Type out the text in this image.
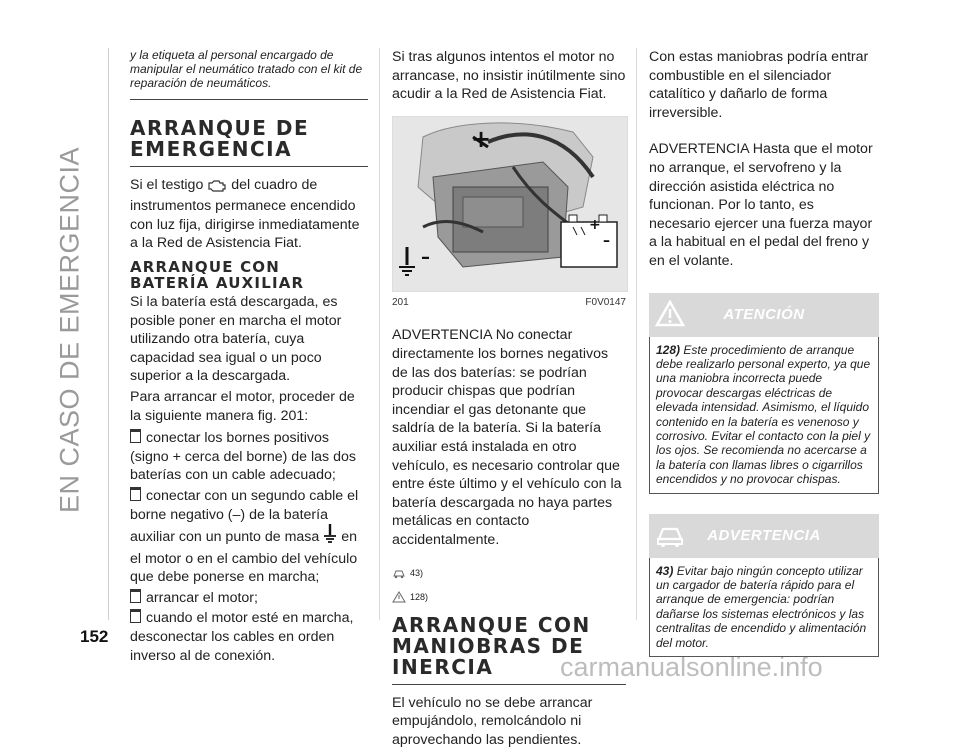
EN CASO DE EMERGENCIA
152
carmanualsonline.info

y la etiqueta al personal encargado de manipular el neumático tratado con el kit de reparación de neumáticos.

ARRANQUE DE
EMERGENCIA

Si el testigo del cuadro de instrumentos permanece encendido con luz fija, dirigirse inmediatamente a la Red de Asistencia Fiat.

ARRANQUE CON
BATERÍA AUXILIAR

Si la batería está descargada, es posible poner en marcha el motor utilizando otra batería, cuya capacidad sea igual o un poco superior a la descargada.

Para arrancar el motor, proceder de la siguiente manera fig. 201:

conectar los bornes positivos (signo + cerca del borne) de las dos baterías con un cable adecuado;

conectar con un segundo cable el borne negativo (–) de la batería auxiliar con un punto de masa en el motor o en el cambio del vehículo que debe ponerse en marcha;

arrancar el motor;

cuando el motor esté en marcha, desconectar los cables en orden inverso al de conexión.

Si tras algunos intentos el motor no arrancase, no insistir inútilmente sino acudir a la Red de Asistencia Fiat.

+
+
–
–
201	F0V0147

ADVERTENCIA No conectar directamente los bornes negativos de las dos baterías: se podrían producir chispas que podrían incendiar el gas detonante que saldría de la batería. Si la batería auxiliar está instalada en otro vehículo, es necesario controlar que entre éste último y el vehículo con la batería descargada no haya partes metálicas en contacto accidentalmente.

43)
128)
ARRANQUE CON
MANIOBRAS DE INERCIA

El vehículo no se debe arrancar empujándolo, remolcándolo ni aprovechando las pendientes.

Con estas maniobras podría entrar combustible en el silenciador catalítico y dañarlo de forma irreversible.

ADVERTENCIA Hasta que el motor no arranque, el servofreno y la dirección asistida eléctrica no funcionan. Por lo tanto, es necesario ejercer una fuerza mayor a la habitual en el pedal del freno y en el volante.

ATENCIÓN
128) Este procedimiento de arranque debe realizarlo personal experto, ya que una maniobra incorrecta puede provocar descargas eléctricas de elevada intensidad. Asimismo, el líquido contenido en la batería es venenoso y corrosivo. Evitar el contacto con la piel y los ojos. Se recomienda no acercarse a la batería con llamas libres o cigarrillos encendidos y no provocar chispas.
ADVERTENCIA
43) Evitar bajo ningún concepto utilizar un cargador de batería rápido para el arranque de emergencia: podrían dañarse los sistemas electrónicos y las centralitas de encendido y alimentación del motor.
